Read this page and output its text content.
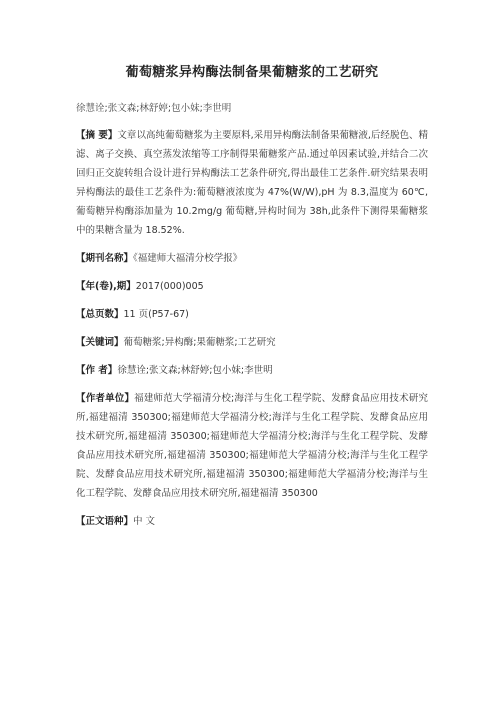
葡萄糖浆异构酶法制备果葡糖浆的工艺研究
徐慧诠;张文森;林舒婷;包小妹;李世明
【摘 要】文章以高纯葡萄糖浆为主要原料,采用异构酶法制备果葡糖液,后经脱色、精滤、离子交换、真空蒸发浓缩等工序制得果葡糖浆产品.通过单因素试验,并结合二次回归正交旋转组合设计进行异构酶法工艺条件研究,得出最佳工艺条件.研究结果表明异构酶法的最佳工艺条件为:葡萄糖液浓度为 47%(W/W),pH 为 8.3,温度为 60℃,葡萄糖异构酶添加量为 10.2mg/g 葡萄糖,异构时间为 38h,此条件下测得果葡糖浆中的果糖含量为 18.52%.
【期刊名称】《福建师大福清分校学报》
【年(卷),期】2017(000)005
【总页数】11 页(P57-67)
【关键词】葡萄糖浆;异构酶;果葡糖浆;工艺研究
【作 者】徐慧诠;张文森;林舒婷;包小妹;李世明
【作者单位】福建师范大学福清分校;海洋与生化工程学院、发酵食品应用技术研究所,福建福清 350300;福建师范大学福清分校;海洋与生化工程学院、发酵食品应用技术研究所,福建福清 350300;福建师范大学福清分校;海洋与生化工程学院、发酵食品应用技术研究所,福建福清 350300;福建师范大学福清分校;海洋与生化工程学院、发酵食品应用技术研究所,福建福清 350300;福建师范大学福清分校;海洋与生化工程学院、发酵食品应用技术研究所,福建福清 350300
【正文语种】中 文
